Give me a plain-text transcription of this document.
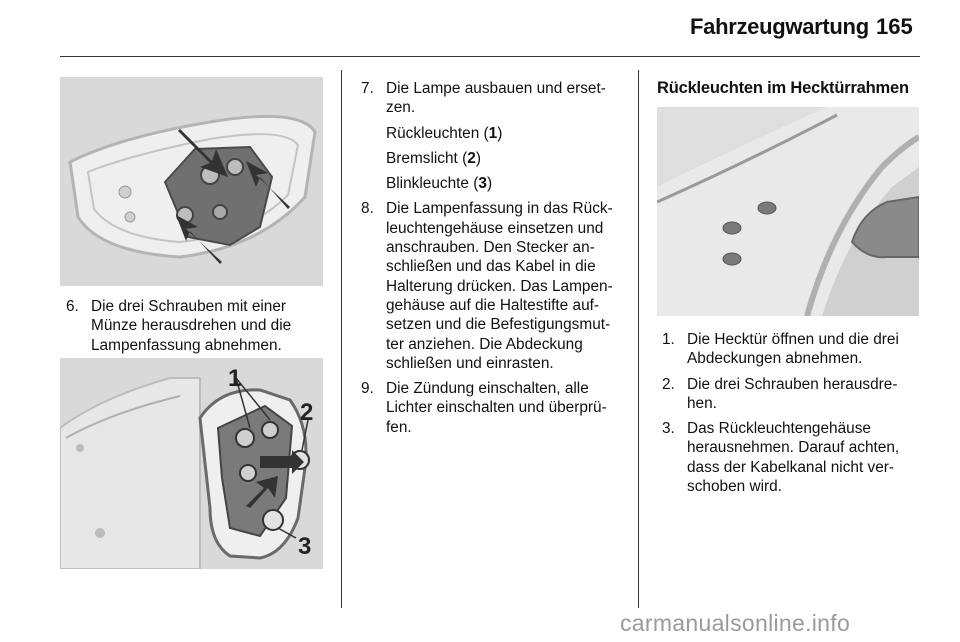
Fahrzeugwartung 165
6. Die drei Schrauben mit einer Münze herausdrehen und die Lampenfassung abnehmen.
1
2
3
7. Die Lampe ausbauen und erset-zen.

Rückleuchten (1)

Bremslicht (2)

Blinkleuchte (3)

8. Die Lampenfassung in das Rück-leuchtengehäuse einsetzen und anschrauben. Den Stecker an-schließen und das Kabel in die Halterung drücken. Das Lampen-gehäuse auf die Haltestifte auf-setzen und die Befestigungsmut-ter anziehen. Die Abdeckung schließen und einrasten.
9. Die Zündung einschalten, alle Lichter einschalten und überprü-fen.
Rückleuchten im Hecktürrahmen
1. Die Hecktür öffnen und die drei Abdeckungen abnehmen.
2. Die drei Schrauben herausdre-hen.
3. Das Rückleuchtengehäuse herausnehmen. Darauf achten, dass der Kabelkanal nicht ver-schoben wird.
carmanualsonline.info
